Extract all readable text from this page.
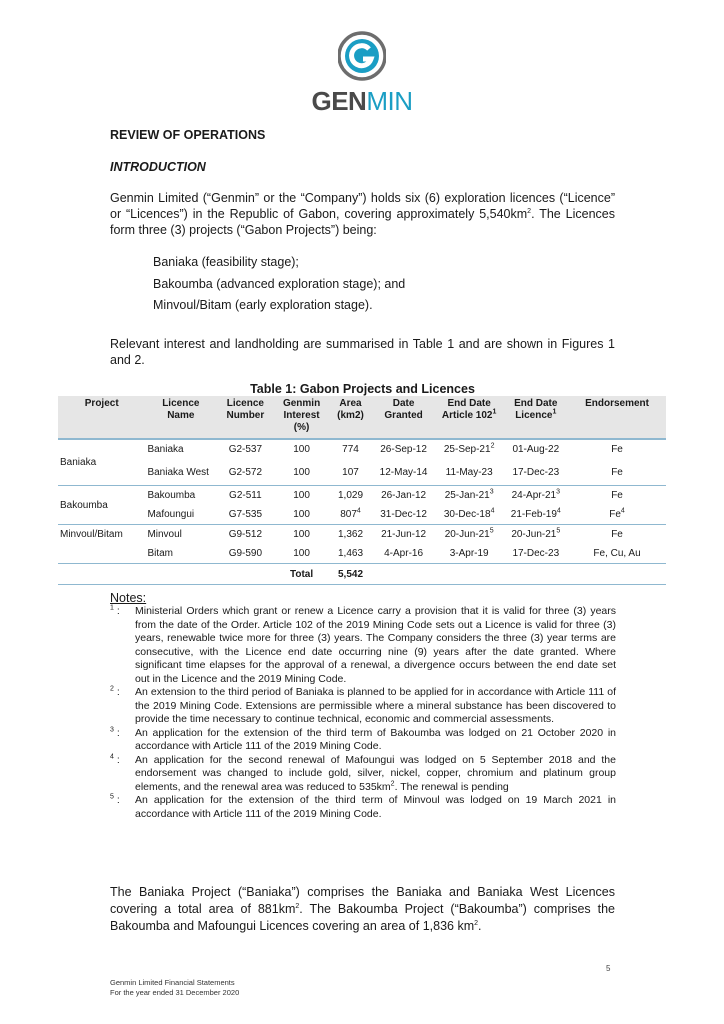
GENMIN
REVIEW OF OPERATIONS
INTRODUCTION
Genmin Limited (“Genmin” or the “Company”) holds six (6) exploration licences (“Licence” or “Licences”) in the Republic of Gabon, covering approximately $5,540km^2$. The Licences form three (3) projects (“Gabon Projects”) being:
Baniaka (feasibility stage);
Bakoumba (advanced exploration stage); and
Minvoul/Bitam (early exploration stage).
Relevant interest and landholding are summarised in Table 1 and are shown in Figures 1 and 2.
Table 1: Gabon Projects and Licences
Project	Licence Name	Licence Number	Genmin Interest (%)	Area (km2)	Date Granted	End Date Article $102^1$	End Date Licence$^1$	Endorsement
Baniaka	Baniaka	G2-537	100	774	26-Sep-12	$25-Sep-21^2$	01-Aug-22	Fe
	Baniaka West	G2-572	100	107	12-May-14	11-May-23	17-Dec-23	Fe
Bakoumba	Bakoumba	G2-511	100	1,029	26-Jan-12	$25-Jan-21^3$	$24-Apr-21^3$	Fe
	Mafoungui	G7-535	100	$807^4$	31-Dec-12	$30-Dec-18^4$	$21-Feb-19^4$	Fe$^4$
Minvoul/Bitam	Minvoul	G9-512	100	1,362	21-Jun-12	$20-Jun-21^5$	$20-Jun-21^5$	Fe
	Bitam	G9-590	100	1,463	4-Apr-16	3-Apr-19	17-Dec-23	Fe, Cu, Au
			Total	5,542				
Notes:
$^1$ :	Ministerial Orders which grant or renew a Licence carry a provision that it is valid for three (3) years from the date of the Order. Article 102 of the 2019 Mining Code sets out a Licence is valid for three (3) years, renewable twice more for three (3) years. The Company considers the three (3) year terms are consecutive, with the Licence end date occurring nine (9) years after the date granted. Where significant time elapses for the approval of a renewal, a divergence occurs between the end date set out in the Licence and the 2019 Mining Code.
$^2$ :	An extension to the third period of Baniaka is planned to be applied for in accordance with Article 111 of the 2019 Mining Code. Extensions are permissible where a mineral substance has been discovered to provide the time necessary to continue technical, economic and commercial assessments.
$^3$ :	An application for the extension of the third term of Bakoumba was lodged on 21 October 2020 in accordance with Article 111 of the 2019 Mining Code.
$^4$ :	An application for the second renewal of Mafoungui was lodged on 5 September 2018 and the endorsement was changed to include gold, silver, nickel, copper, chromium and platinum group elements, and the renewal area was reduced to $535km^2$. The renewal is pending
$^5$ :	An application for the extension of the third term of Minvoul was lodged on 19 March 2021 in accordance with Article 111 of the 2019 Mining Code.
The Baniaka Project (“Baniaka”) comprises the Baniaka and Baniaka West Licences covering a total area of $881km^2$. The Bakoumba Project (“Bakoumba”) comprises the Bakoumba and Mafoungui Licences covering an area of 1,836 $km^2$.
5
Genmin Limited Financial Statements
For the year ended 31 December 2020
